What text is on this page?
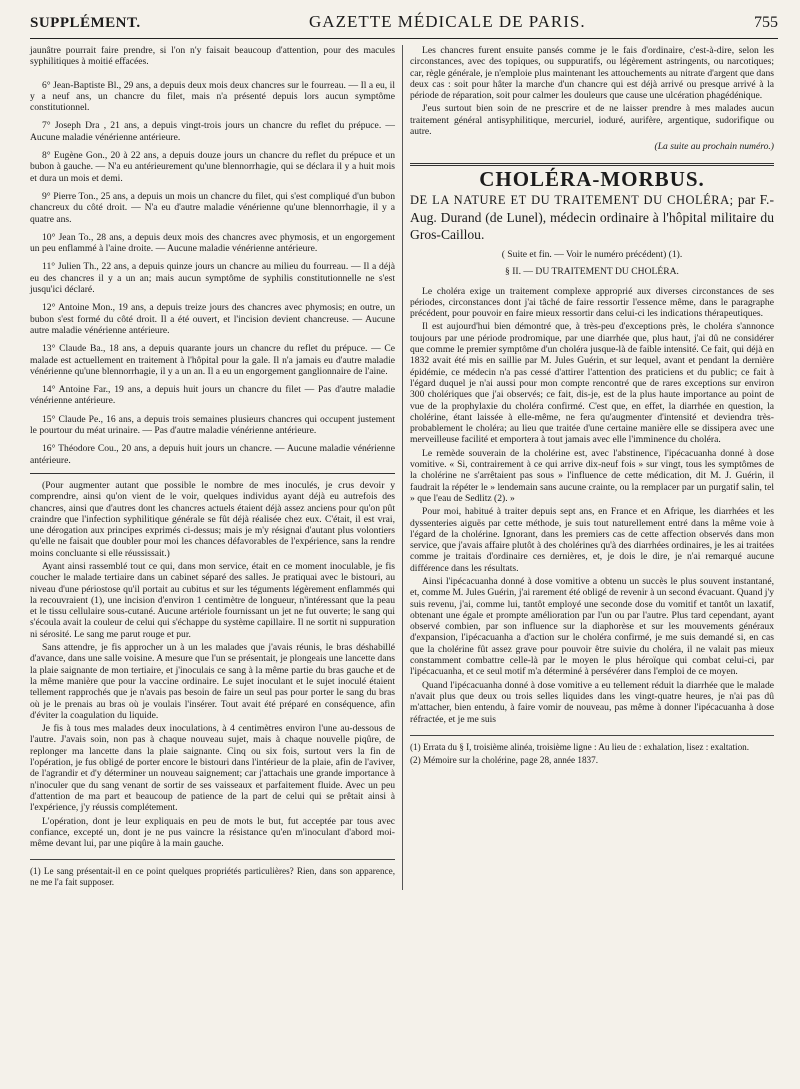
SUPPLÉMENT.	GAZETTE MÉDICALE DE PARIS.	755

jaunâtre pourrait faire prendre, si l'on n'y faisait beaucoup d'attention, pour des macules syphilitiques à moitié effacées.

6° Jean-Baptiste Bl., 29 ans, a depuis deux mois deux chancres sur le fourreau. — Il a eu, il y a neuf ans, un chancre du filet, mais n'a présenté depuis lors aucun symptôme constitutionnel.

7° Joseph Dra , 21 ans, a depuis vingt-trois jours un chancre du reflet du prépuce. — Aucune maladie vénérienne antérieure.

8° Eugène Gon., 20 à 22 ans, a depuis douze jours un chancre du reflet du prépuce et un bubon à gauche. — N'a eu antérieurement qu'une blennorrhagie, qui se déclara il y a huit mois et dura un mois et demi.

9° Pierre Ton., 25 ans, a depuis un mois un chancre du filet, qui s'est compliqué d'un bubon chancreux du côté droit. — N'a eu d'autre maladie vénérienne qu'une blennorrhagie, il y a quatre ans.

10° Jean To., 28 ans, a depuis deux mois des chancres avec phymosis, et un engorgement un peu enflammé à l'aine droite. — Aucune maladie vénérienne antérieure.

11° Julien Th., 22 ans, a depuis quinze jours un chancre au milieu du fourreau. — Il a déjà eu des chancres il y a un an; mais aucun symptôme de syphilis constitutionnelle ne s'est jusqu'ici déclaré.

12° Antoine Mon., 19 ans, a depuis treize jours des chancres avec phymosis; en outre, un bubon s'est formé du côté droit. Il a été ouvert, et l'incision devient chancreuse. — Aucune autre maladie vénérienne antérieure.

13° Claude Ba., 18 ans, a depuis quarante jours un chancre du reflet du prépuce. — Ce malade est actuellement en traitement à l'hôpital pour la gale. Il n'a jamais eu d'autre maladie vénérienne qu'une blennorrhagie, il y a un an. Il a eu un engorgement ganglionnaire de l'aine.

14° Antoine Far., 19 ans, a depuis huit jours un chancre du filet — Pas d'autre maladie vénérienne antérieure.

15° Claude Pe., 16 ans, a depuis trois semaines plusieurs chancres qui occupent justement le pourtour du méat urinaire. — Pas d'autre maladie vénérienne antérieure.

16° Théodore Cou., 20 ans, a depuis huit jours un chancre. — Aucune maladie vénérienne antérieure.

(Pour augmenter autant que possible le nombre de mes inoculés, je crus devoir y comprendre, ainsi qu'on vient de le voir, quelques individus ayant déjà eu autrefois des chancres, ainsi que d'autres dont les chancres actuels étaient déjà assez anciens pour qu'on pût craindre que l'infection syphilitique générale se fût déjà réalisée chez eux. C'était, il est vrai, une dérogation aux principes exprimés ci-dessus; mais je m'y résignai d'autant plus volontiers qu'elle ne faisait que doubler pour moi les chances défavorables de l'expérience, sans la rendre moins concluante si elle réussissait.)

Ayant ainsi rassemblé tout ce qui, dans mon service, était en ce moment inoculable, je fis coucher le malade tertiaire dans un cabinet séparé des salles. Je pratiquai avec le bistouri, au niveau d'une périostose qu'il portait au cubitus et sur les téguments légèrement enflammés qui la recouvraient (1), une incision d'environ 1 centimètre de longueur, n'intéressant que la peau et le tissu cellulaire sous-cutané. Aucune artériole fournissant un jet ne fut ouverte; le sang qui s'écoula avait la couleur de celui qui s'échappe du système capillaire. Il ne sortit ni suppuration ni sérosité. Le sang me parut rouge et pur.

Sans attendre, je fis approcher un à un les malades que j'avais réunis, le bras déshabillé d'avance, dans une salle voisine. A mesure que l'un se présentait, je plongeais une lancette dans la plaie saignante de mon tertiaire, et j'inoculais ce sang à la même partie du bras gauche et de la même manière que pour la vaccine ordinaire. Le sujet inoculant et le sujet inoculé étaient tellement rapprochés que je n'avais pas besoin de faire un seul pas pour porter le sang du bras où je le prenais au bras où je voulais l'insérer. Tout avait été préparé en conséquence, afin d'éviter la coagulation du liquide.

Je fis à tous mes malades deux inoculations, à 4 centimètres environ l'une au-dessous de l'autre. J'avais soin, non pas à chaque nouveau sujet, mais à chaque nouvelle piqûre, de replonger ma lancette dans la plaie saignante. Cinq ou six fois, surtout vers la fin de l'opération, je fus obligé de porter encore le bistouri dans l'intérieur de la plaie, afin de l'aviver, de l'agrandir et d'y déterminer un nouveau saignement; car j'attachais une grande importance à n'inoculer que du sang venant de sortir de ses vaisseaux et parfaitement fluide. Avec un peu d'attention de ma part et beaucoup de patience de la part de celui qui se prêtait ainsi à l'expérience, j'y réussis complétement.

L'opération, dont je leur expliquais en peu de mots le but, fut acceptée par tous avec confiance, excepté un, dont je ne pus vaincre la résistance qu'en m'inoculant d'abord moi-même devant lui, par une piqûre à la main gauche.

(1) Le sang présentait-il en ce point quelques propriétés particulières? Rien, dans son apparence, ne me l'a fait supposer.

Les chancres furent ensuite pansés comme je le fais d'ordinaire, c'est-à-dire, selon les circonstances, avec des topiques, ou suppuratifs, ou légèrement astringents, ou narcotiques; car, règle générale, je n'emploie plus maintenant les attouchements au nitrate d'argent que dans deux cas : soit pour hâter la marche d'un chancre qui est déjà arrivé ou presque arrivé à la période de réparation, soit pour calmer les douleurs que cause une ulcération phagédénique.

J'eus surtout bien soin de ne prescrire et de ne laisser prendre à mes malades aucun traitement général antisyphilitique, mercuriel, ioduré, aurifère, argentique, sudorifique ou autre.

(La suite au prochain numéro.)
CHOLÉRA-MORBUS.
DE LA NATURE ET DU TRAITEMENT DU CHOLÉRA; par F.-Aug. Durand (de Lunel), médecin ordinaire à l'hôpital militaire du Gros-Caillou.
( Suite et fin. — Voir le numéro précédent) (1).
§ II. — DU TRAITEMENT DU CHOLÉRA.

Le choléra exige un traitement complexe approprié aux diverses circonstances de ses périodes, circonstances dont j'ai tâché de faire ressortir l'essence même, dans le paragraphe précédent, pour pouvoir en faire mieux ressortir dans celui-ci les indications thérapeutiques.

Il est aujourd'hui bien démontré que, à très-peu d'exceptions près, le choléra s'annonce toujours par une période prodromique, par une diarrhée que, plus haut, j'ai dû ne considérer que comme le premier symptôme d'un choléra jusque-là de faible intensité. Ce fait, qui déjà en 1832 avait été mis en saillie par M. Jules Guérin, et sur lequel, avant et pendant la dernière épidémie, ce médecin n'a pas cessé d'attirer l'attention des praticiens et du public; ce fait à l'égard duquel je n'ai aussi pour mon compte rencontré que de rares exceptions sur environ 300 cholériques que j'ai observés; ce fait, dis-je, est de la plus haute importance au point de vue de la prophylaxie du choléra confirmé. C'est que, en effet, la diarrhée en question, la cholérine, étant laissée à elle-même, ne fera qu'augmenter d'intensité et deviendra très-probablement le choléra; au lieu que traitée d'une certaine manière elle se dissipera avec une merveilleuse facilité et emportera à tout jamais avec elle l'imminence du choléra.

Le remède souverain de la cholérine est, avec l'abstinence, l'ipécacuanha donné à dose vomitive. « Si, contrairement à ce qui arrive dix-neuf fois » sur vingt, tous les symptômes de la cholérine ne s'arrêtaient pas sous » l'influence de cette médication, dit M. J. Guérin, il faudrait la répéter le » lendemain sans aucune crainte, ou la remplacer par un purgatif salin, tel » que l'eau de Sedlitz (2). »

Pour moi, habitué à traiter depuis sept ans, en France et en Afrique, les diarrhées et les dyssenteries aiguës par cette méthode, je suis tout naturellement entré dans la même voie à l'égard de la cholérine. Ignorant, dans les premiers cas de cette affection observés dans mon service, que j'avais affaire plutôt à des cholérines qu'à des diarrhées ordinaires, je les ai traitées comme je traitais d'ordinaire ces dernières, et, je dois le dire, je n'ai remarqué aucune différence dans les résultats.

Ainsi l'ipécacuanha donné à dose vomitive a obtenu un succès le plus souvent instantané, et, comme M. Jules Guérin, j'ai rarement été obligé de revenir à un second évacuant. Quand j'y suis revenu, j'ai, comme lui, tantôt employé une seconde dose du vomitif et tantôt un laxatif, obtenant une égale et prompte amélioration par l'un ou par l'autre. Plus tard cependant, ayant observé combien, par son influence sur la diaphorèse et sur les mouvements généraux d'expansion, l'ipécacuanha a d'action sur le choléra confirmé, je me suis demandé si, en cas que la cholérine fût assez grave pour pouvoir être suivie du choléra, il ne valait pas mieux constamment combattre celle-là par le moyen le plus héroïque qui combat celui-ci, par l'ipécacuanha, et ce seul motif m'a déterminé à persévérer dans l'emploi de ce moyen.

Quand l'ipécacuanha donné à dose vomitive a eu tellement réduit la diarrhée que le malade n'avait plus que deux ou trois selles liquides dans les vingt-quatre heures, je n'ai pas dû m'attacher, bien entendu, à faire vomir de nouveau, pas même à donner l'ipécacuanha à dose réfractée, et je me suis

(1) Errata du § I, troisième alinéa, troisième ligne : Au lieu de : exhalation, lisez : exaltation.

(2) Mémoire sur la cholérine, page 28, année 1837.
